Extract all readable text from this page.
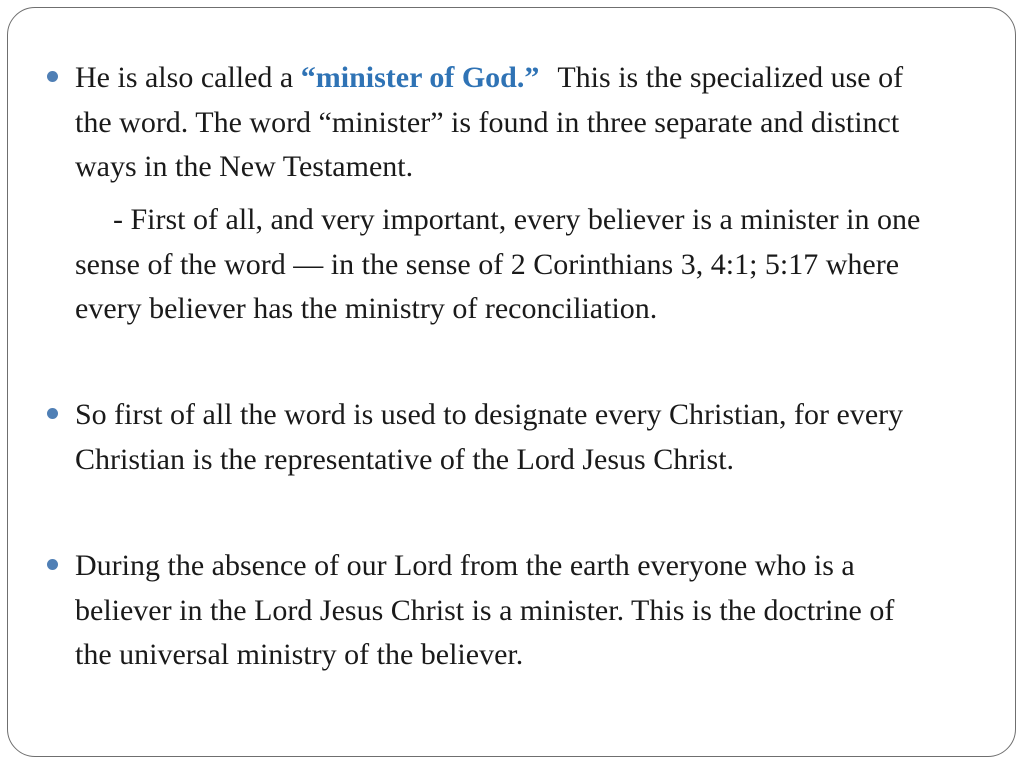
He is also called a “minister of God.” This is the specialized use of
the word. The word “minister” is found in three separate and distinct
ways in the New Testament.
- First of all, and very important, every believer is a minister in one
sense of the word — in the sense of 2 Corinthians 3, 4:1; 5:17 where
every believer has the ministry of reconciliation.
So first of all the word is used to designate every Christian, for every
Christian is the representative of the Lord Jesus Christ.
During the absence of our Lord from the earth everyone who is a
believer in the Lord Jesus Christ is a minister. This is the doctrine of
the universal ministry of the believer.
